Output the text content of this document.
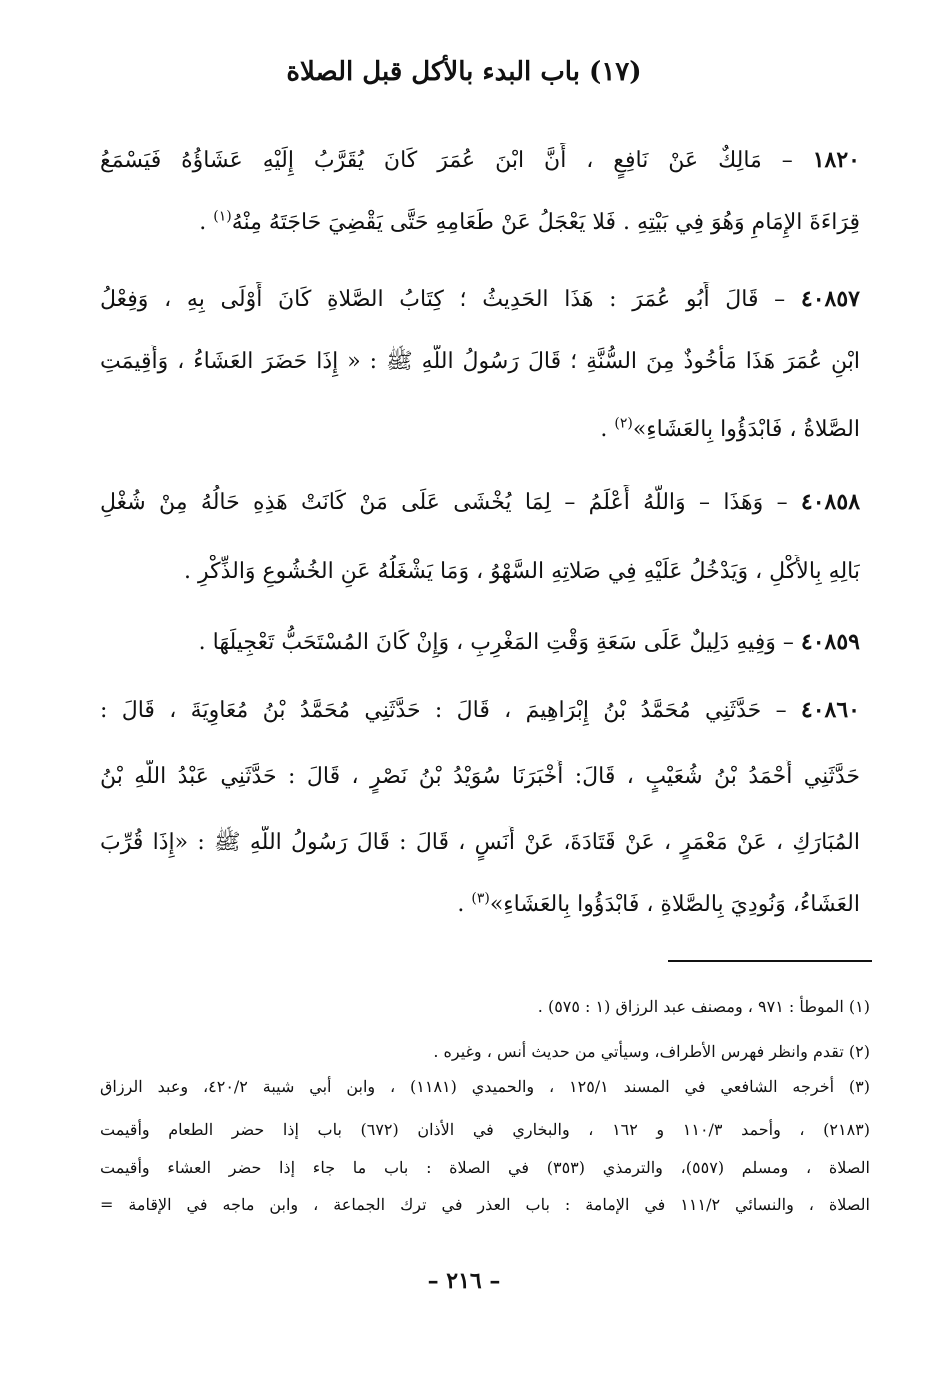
(١٧) باب البدء بالأكل قبل الصلاة
١٨٢٠ – مَالِكٌ عَنْ نَافِعٍ ، أَنَّ ابْنَ عُمَرَ كَانَ يُقَرَّبُ إِلَيْهِ عَشَاؤُهُ فَيَسْمَعُ
قِرَاءَةَ الإِمَامِ وَهُوَ فِي بَيْتِهِ . فَلا يَعْجَلُ عَنْ طَعَامِهِ حَتَّى يَقْضِيَ حَاجَتَهُ مِنْهُ$^{(١)}$ .
٤٠٨٥٧ – قَالَ أَبُو عُمَرَ : هَذَا الحَدِيثُ ؛ كِتَابُ الصَّلاةِ كَانَ أَوْلَى بِهِ ، وَفِعْلُ
ابْنِ عُمَرَ هَذَا مَأْخُوذٌ مِنَ السُّنَّةِ ؛ قَالَ رَسُولُ اللَّهِ ﷺ : « إِذَا حَضَرَ العَشَاءُ ، وَأُقِيمَتِ
الصَّلاةُ ، فَابْدَؤُوا بِالعَشَاءِ»$^{(٢)}$ .
٤٠٨٥٨ – وَهَذَا – وَاللَّهُ أَعْلَمُ – لِمَا يُخْشَى عَلَى مَنْ كَانَتْ هَذِهِ حَالُهُ مِنْ شُغْلِ
بَالِهِ بِالأَكْلِ ، وَيَدْخُلُ عَلَيْهِ فِي صَلاتِهِ السَّهْوُ ، وَمَا يَشْغَلُهُ عَنِ الخُشُوعِ وَالذِّكْرِ .
٤٠٨٥٩ – وَفِيهِ دَلِيلٌ عَلَى سَعَةِ وَقْتِ المَغْرِبِ ، وَإِنْ كَانَ المُسْتَحَبُّ تَعْجِيلَهَا .
٤٠٨٦٠ – حَدَّثَنِي مُحَمَّدُ بْنُ إِبْرَاهِيمَ ، قَالَ : حَدَّثَنِي مُحَمَّدُ بْنُ مُعَاوِيَةَ ، قَالَ :
حَدَّثَنِي أَحْمَدُ بْنُ شُعَيْبٍ ، قَالَ: أَخْبَرَنَا سُوَيْدُ بْنُ نَصْرٍ ، قَالَ : حَدَّثَنِي عَبْدُ اللَّهِ بْنُ
المُبَارَكِ ، عَنْ مَعْمَرٍ ، عَنْ قَتَادَةَ، عَنْ أَنَسٍ ، قَالَ : قَالَ رَسُولُ اللَّهِ ﷺ : «إِذَا قُرِّبَ
العَشَاءُ، وَنُودِيَ بِالصَّلاةِ ، فَابْدَؤُوا بِالعَشَاءِ»$^{(٣)}$ .
(١) الموطأ : ٩٧١ ، ومصنف عبد الرزاق (١ : ٥٧٥) .
(٢) تقدم وانظر فهرس الأطراف، وسيأتي من حديث أنس ، وغيره .
(٣) أخرجه الشافعي في المسند ١٢٥/١ ، والحميدي (١١٨١) ، وابن أبي شيبة ٤٢٠/٢، وعبد الرزاق
(٢١٨٣) ، وأحمد ١١٠/٣ و ١٦٢ ، والبخاري في الأذان (٦٧٢) باب إذا حضر الطعام وأقيمت
الصلاة ، ومسلم (٥٥٧)، والترمذي (٣٥٣) في الصلاة : باب ما جاء إذا حضر العشاء وأقيمت
الصلاة ، والنسائي ١١١/٢ في الإمامة : باب العذر في ترك الجماعة ، وابن ماجه في الإقامة =
– ٢١٦ –
